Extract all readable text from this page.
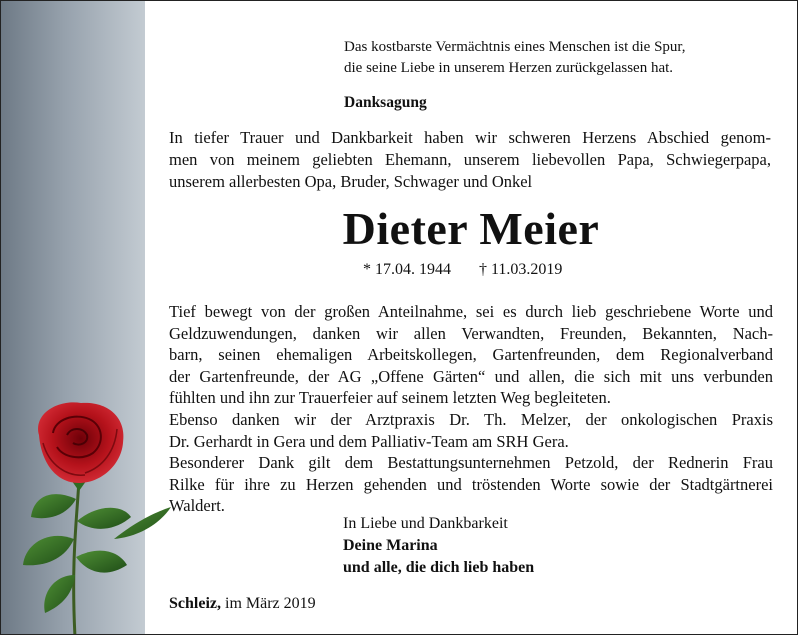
Das kostbarste Vermächtnis eines Menschen ist die Spur,
die seine Liebe in unserem Herzen zurückgelassen hat.
Danksagung
In tiefer Trauer und Dankbarkeit haben wir schweren Herzens Abschied genom-
men von meinem geliebten Ehemann, unserem liebevollen Papa, Schwiegerpapa,
unserem allerbesten Opa, Bruder, Schwager und Onkel
Dieter Meier
* 17.04. 1944 † 11.03.2019
Tief bewegt von der großen Anteilnahme, sei es durch lieb geschriebene Worte und
Geldzuwendungen, danken wir allen Verwandten, Freunden, Bekannten, Nach-
barn, seinen ehemaligen Arbeitskollegen, Gartenfreunden, dem Regionalverband
der Gartenfreunde, der AG „Offene Gärten“ und allen, die sich mit uns verbunden
fühlten und ihn zur Trauerfeier auf seinem letzten Weg begleiteten.
Ebenso danken wir der Arztpraxis Dr. Th. Melzer, der onkologischen Praxis
Dr. Gerhardt in Gera und dem Palliativ-Team am SRH Gera.
Besonderer Dank gilt dem Bestattungsunternehmen Petzold, der Rednerin Frau
Rilke für ihre zu Herzen gehenden und tröstenden Worte sowie der Stadtgärtnerei
Waldert.
In Liebe und Dankbarkeit
Deine Marina
und alle, die dich lieb haben
Schleiz, im März 2019
